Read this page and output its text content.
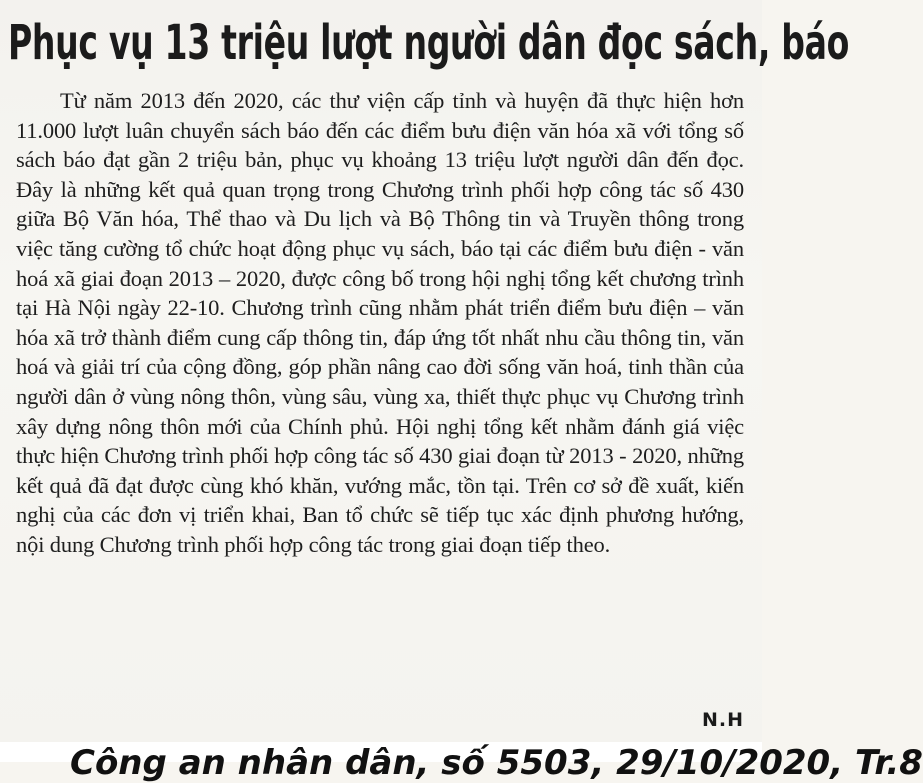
Phục vụ 13 triệu lượt người dân đọc sách, báo

Từ năm 2013 đến 2020, các thư viện cấp tỉnh và huyện đã thực hiện hơn 11.000 lượt luân chuyển sách báo đến các điểm bưu điện văn hóa xã với tổng số sách báo đạt gần 2 triệu bản, phục vụ khoảng 13 triệu lượt người dân đến đọc. Đây là những kết quả quan trọng trong Chương trình phối hợp công tác số 430 giữa Bộ Văn hóa, Thể thao và Du lịch và Bộ Thông tin và Truyền thông trong việc tăng cường tổ chức hoạt động phục vụ sách, báo tại các điểm bưu điện - văn hoá xã giai đoạn 2013 – 2020, được công bố trong hội nghị tổng kết chương trình tại Hà Nội ngày 22-10. Chương trình cũng nhằm phát triển điểm bưu điện – văn hóa xã trở thành điểm cung cấp thông tin, đáp ứng tốt nhất nhu cầu thông tin, văn hoá và giải trí của cộng đồng, góp phần nâng cao đời sống văn hoá, tinh thần của người dân ở vùng nông thôn, vùng sâu, vùng xa, thiết thực phục vụ Chương trình xây dựng nông thôn mới của Chính phủ. Hội nghị tổng kết nhằm đánh giá việc thực hiện Chương trình phối hợp công tác số 430 giai đoạn từ 2013 - 2020, những kết quả đã đạt được cùng khó khăn, vướng mắc, tồn tại. Trên cơ sở đề xuất, kiến nghị của các đơn vị triển khai, Ban tổ chức sẽ tiếp tục xác định phương hướng, nội dung Chương trình phối hợp công tác trong giai đoạn tiếp theo.

N.H

Công an nhân dân, số 5503, 29/10/2020, Tr.8
